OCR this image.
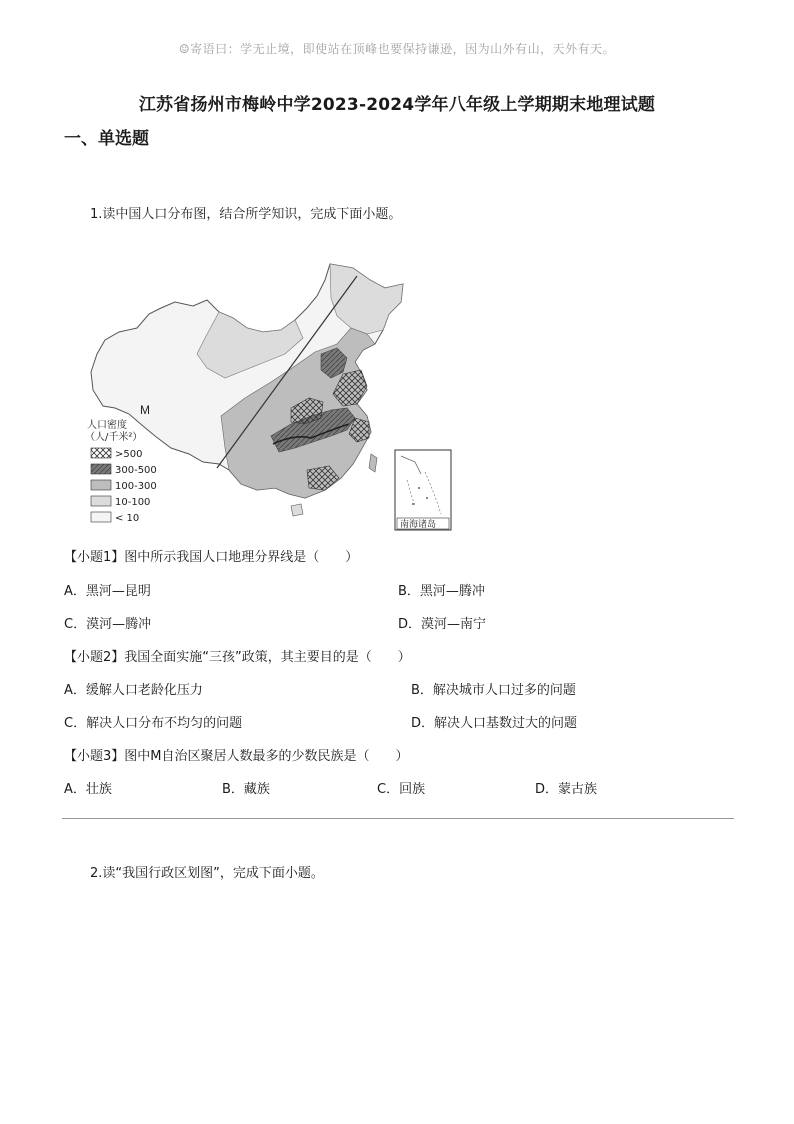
☺寄语曰：学无止境，即使站在顶峰也要保持谦逊，因为山外有山，天外有天。
江苏省扬州市梅岭中学2023-2024学年八年级上学期期末地理试题
一、单选题
1.读中国人口分布图，结合所学知识，完成下面小题。
M
人口密度
（人/千米²）
>500
300-500
100-300
10-100
< 10
南海诸岛
【小题1】图中所示我国人口地理分界线是（　　）
A．黑河—昆明	B．黑河—腾冲
C．漠河—腾冲	D．漠河—南宁
【小题2】我国全面实施“三孩”政策，其主要目的是（　　）
A．缓解人口老龄化压力	B．解决城市人口过多的问题
C．解决人口分布不均匀的问题	D．解决人口基数过大的问题
【小题3】图中M自治区聚居人数最多的少数民族是（　　）
A．壮族	B．藏族	C．回族	D．蒙古族
2.读“我国行政区划图”，完成下面小题。
